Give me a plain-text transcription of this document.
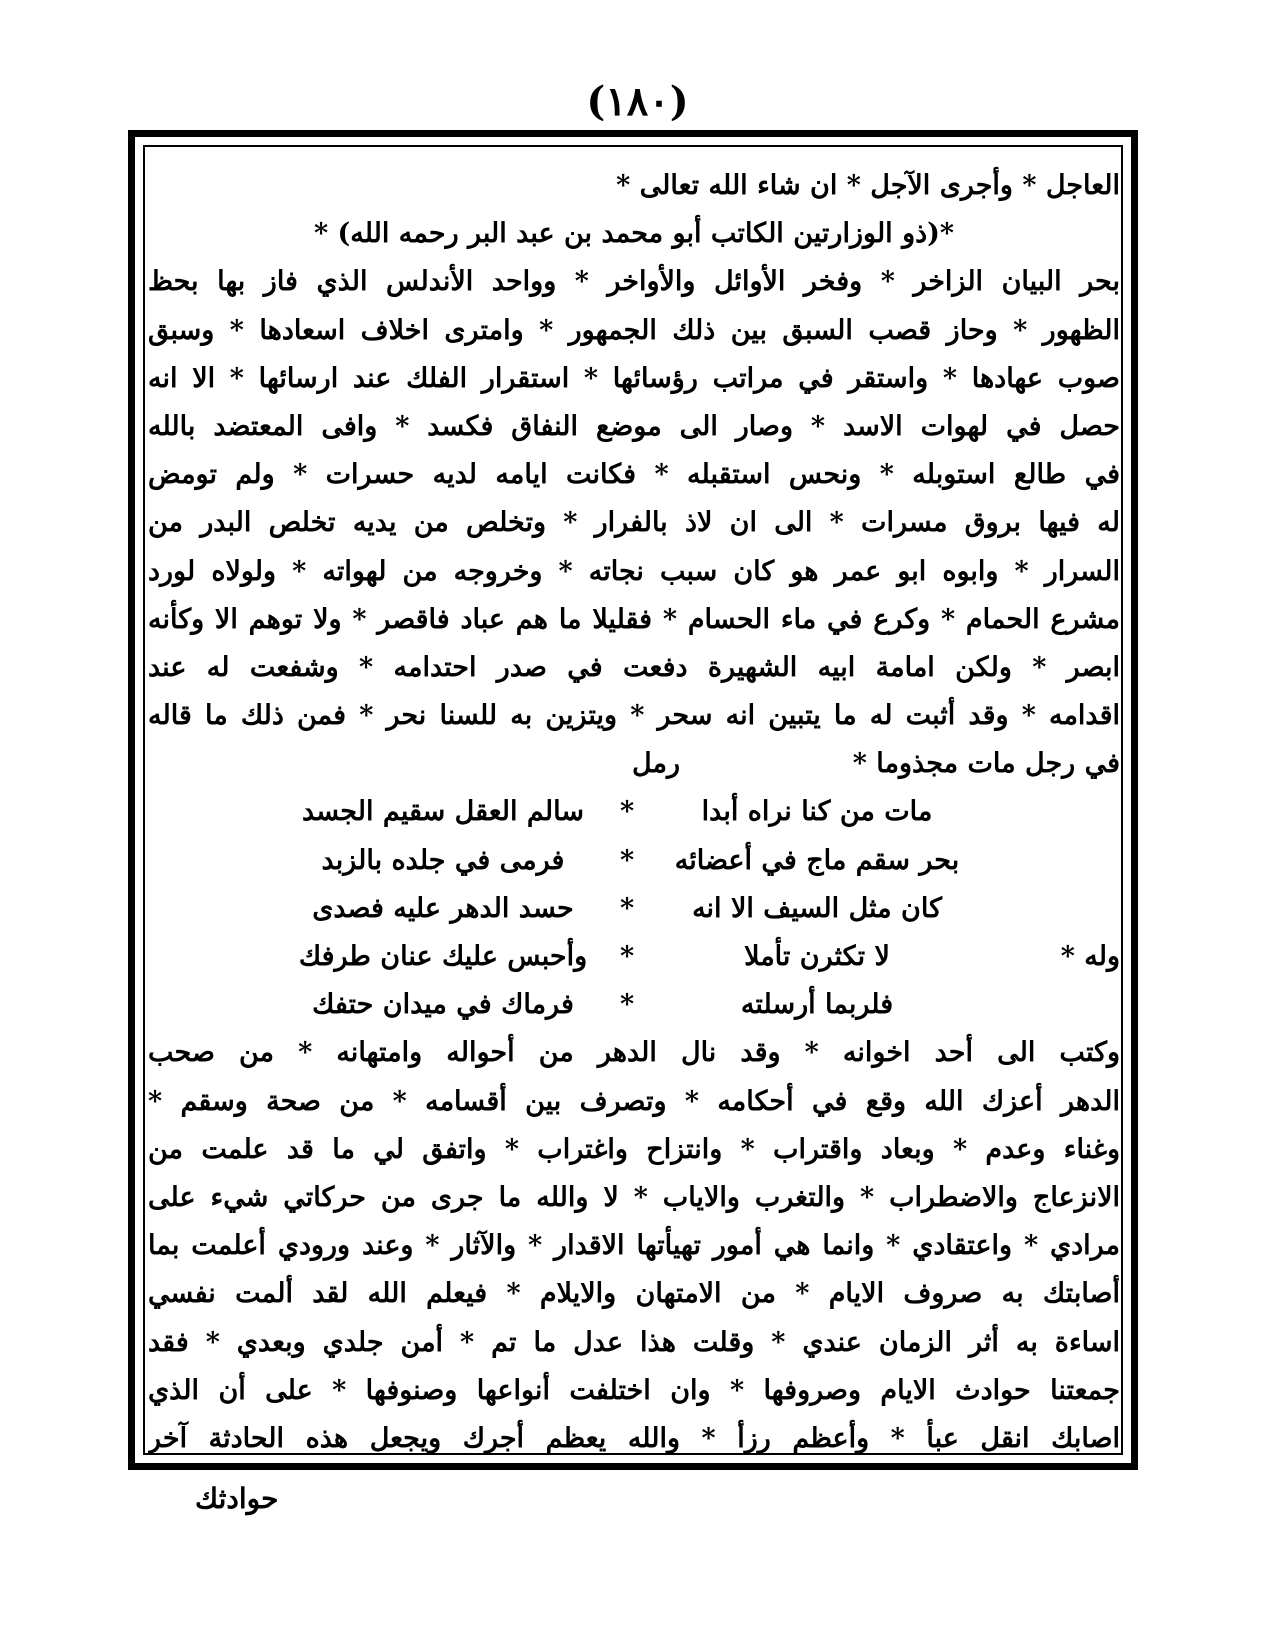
(١٨٠)
العاجل * وأجرى الآجل * ان شاء الله تعالى *
*(ذو الوزارتين الكاتب أبو محمد بن عبد البر رحمه الله) *
بحر البيان الزاخر * وفخر الأوائل والأواخر * وواحد الأندلس الذي فاز بها بحظ
الظهور * وحاز قصب السبق بين ذلك الجمهور * وامترى اخلاف اسعادها * وسبق
صوب عهادها * واستقر في مراتب رؤسائها * استقرار الفلك عند ارسائها * الا انه
حصل في لهوات الاسد * وصار الى موضع النفاق فكسد * وافى المعتضد بالله
في طالع استوبله * ونحس استقبله * فكانت ايامه لديه حسرات * ولم تومض
له فيها بروق مسرات * الى ان لاذ بالفرار * وتخلص من يديه تخلص البدر من
السرار * وابوه ابو عمر هو كان سبب نجاته * وخروجه من لهواته * ولولاه لورد
مشرع الحمام * وكرع في ماء الحسام * فقليلا ما هم عباد فاقصر * ولا توهم الا وكأنه
ابصر * ولكن امامة ابيه الشهيرة دفعت في صدر احتدامه * وشفعت له عند
اقدامه * وقد أثبت له ما يتبين انه سحر * ويتزين به للسنا نحر * فمن ذلك ما قاله
في رجل مات مجذوما *
رمل
مات من كنا نراه أبدا
*
سالم العقل سقيم الجسد
بحر سقم ماج في أعضائه
*
فرمى في جلده بالزبد
كان مثل السيف الا انه
*
حسد الدهر عليه فصدى
وله *
لا تكثرن تأملا
*
وأحبس عليك عنان طرفك
فلربما أرسلته
*
فرماك في ميدان حتفك
وكتب الى أحد اخوانه * وقد نال الدهر من أحواله وامتهانه * من صحب
الدهر أعزك الله وقع في أحكامه * وتصرف بين أقسامه * من صحة وسقم *
وغناء وعدم * وبعاد واقتراب * وانتزاح واغتراب * واتفق لي ما قد علمت من
الانزعاج والاضطراب * والتغرب والاياب * لا والله ما جرى من حركاتي شيء على
مرادي * واعتقادي * وانما هي أمور تهيأتها الاقدار * والآثار * وعند ورودي أعلمت بما
أصابتك به صروف الايام * من الامتهان والايلام * فيعلم الله لقد ألمت نفسي
اساءة به أثر الزمان عندي * وقلت هذا عدل ما تم * أمن جلدي وبعدي * فقد
جمعتنا حوادث الايام وصروفها * وان اختلفت أنواعها وصنوفها * على أن الذي
اصابك انقل عبأ * وأعظم رزأ * والله يعظم أجرك ويجعل هذه الحادثة آخر
حوادثك
